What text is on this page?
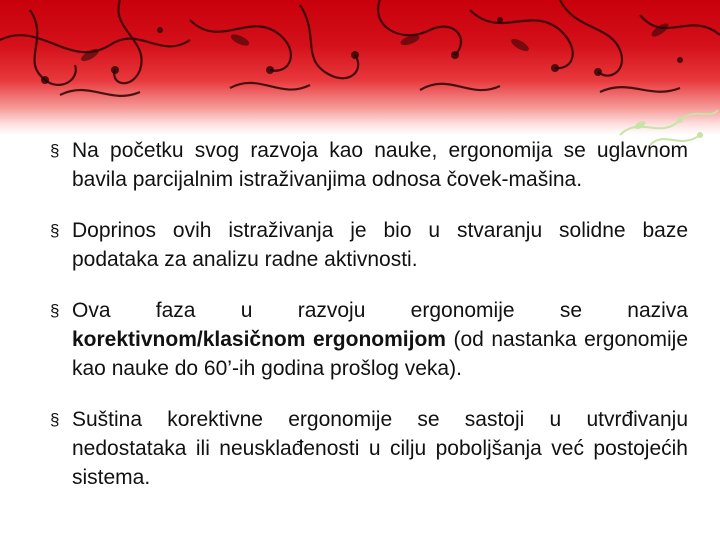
§ Na početku svog razvoja kao nauke, ergonomija se uglavnom bavila parcijalnim istraživanjima odnosa čovek-mašina.
§ Doprinos ovih istraživanja je bio u stvaranju solidne baze podataka za analizu radne aktivnosti.
§ Ova faza u razvoju ergonomije se naziva korektivnom/klasičnom ergonomijom (od nastanka ergonomije kao nauke do 60’-ih godina prošlog veka).
§ Suština korektivne ergonomije se sastoji u utvrđivanju nedostataka ili neusklađenosti u cilju poboljšanja već postojećih sistema.
